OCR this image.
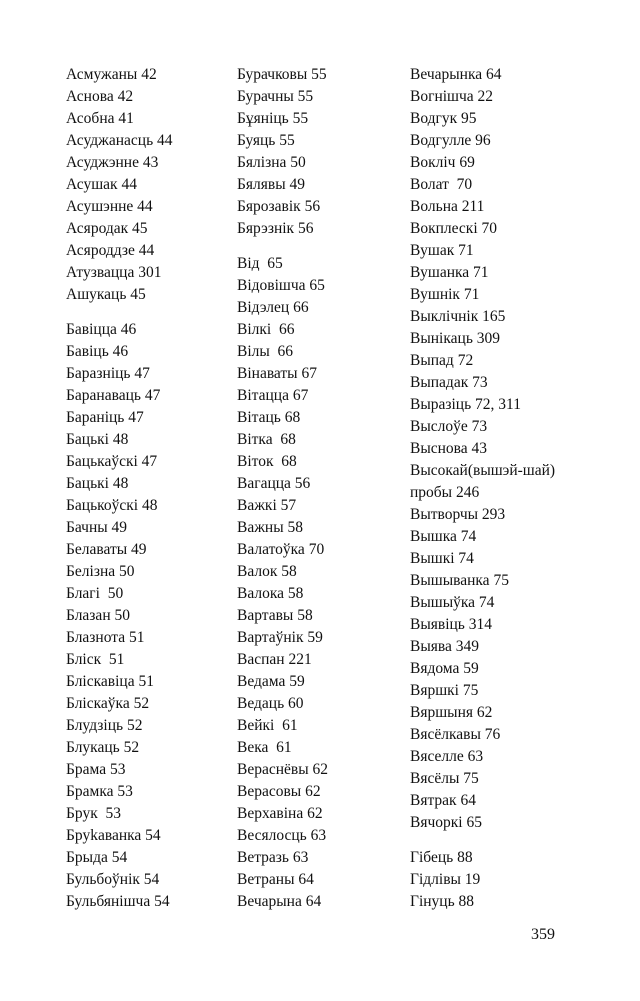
Асмужаны 42
Аснова 42
Асобна 41
Асуджанасць 44
Асуджэнне 43
Асушак 44
Асушэнне 44
Асяродак 45
Асяроддзе 44
Атузвацца 301
Ашукаць 45
Бавіцца 46
Бавіць 46
Баразніць 47
Баранаваць 47
Бараніць 47
Бацькі 48
Бацькаўскі 47
Бацькі 48
Бацькоўскі 48
Бачны 49
Белаваты 49
Белізна 50
Благі  50
Блазан 50
Блазнота 51
Бліск  51
Бліскавіца 51
Бліскаўка 52
Блудзіць 52
Блукаць 52
Брама 53
Брамка 53
Брук  53
Бруkаванка 54
Брыда 54
Бульбоўнік 54
Бульбянішча 54
Бурачковы 55
Бурачны 55
Бұяніць 55
Буяць 55
Бялізна 50
Бялявы 49
Бярозавік 56
Бярэзнік 56
Від  65
Відовішча 65
Відэлец 66
Вілкі  66
Вілы  66
Вінаваты 67
Вітацца 67
Вітаць 68
Вітка  68
Віток  68
Вагацца 56
Важкі 57
Важны 58
Валатоўка 70
Валок 58
Валока 58
Вартавы 58
Вартаўнік 59
Васпан 221
Ведама 59
Ведаць 60
Вейкі  61
Века  61
Вераснёвы 62
Верасовы 62
Верхавіна 62
Весялосць 63
Ветразь 63
Ветраны 64
Вечарына 64
Вечарынка 64
Вогнішча 22
Водгук 95
Водгулле 96
Вокліч 69
Волат  70
Вольна 211
Вокплескі 70
Вушак 71
Вушанка 71
Вушнік 71
Выклічнік 165
Вынікаць 309
Выпад 72
Выпадак 73
Выразіць 72, 311
Выслоўе 73
Выснова 43
Высокай(вышэй-шай) пробы 246
Вытворчы 293
Вышка 74
Вышкі 74
Вышыванка 75
Вышыўка 74
Выявіць 314
Выява 349
Вядома 59
Вяршкі 75
Вяршыня 62
Вясёлкавы 76
Вяселле 63
Вясёлы 75
Вятрак 64
Вячоркі 65
Гібець 88
Гідлівы 19
Гінуць 88
359
